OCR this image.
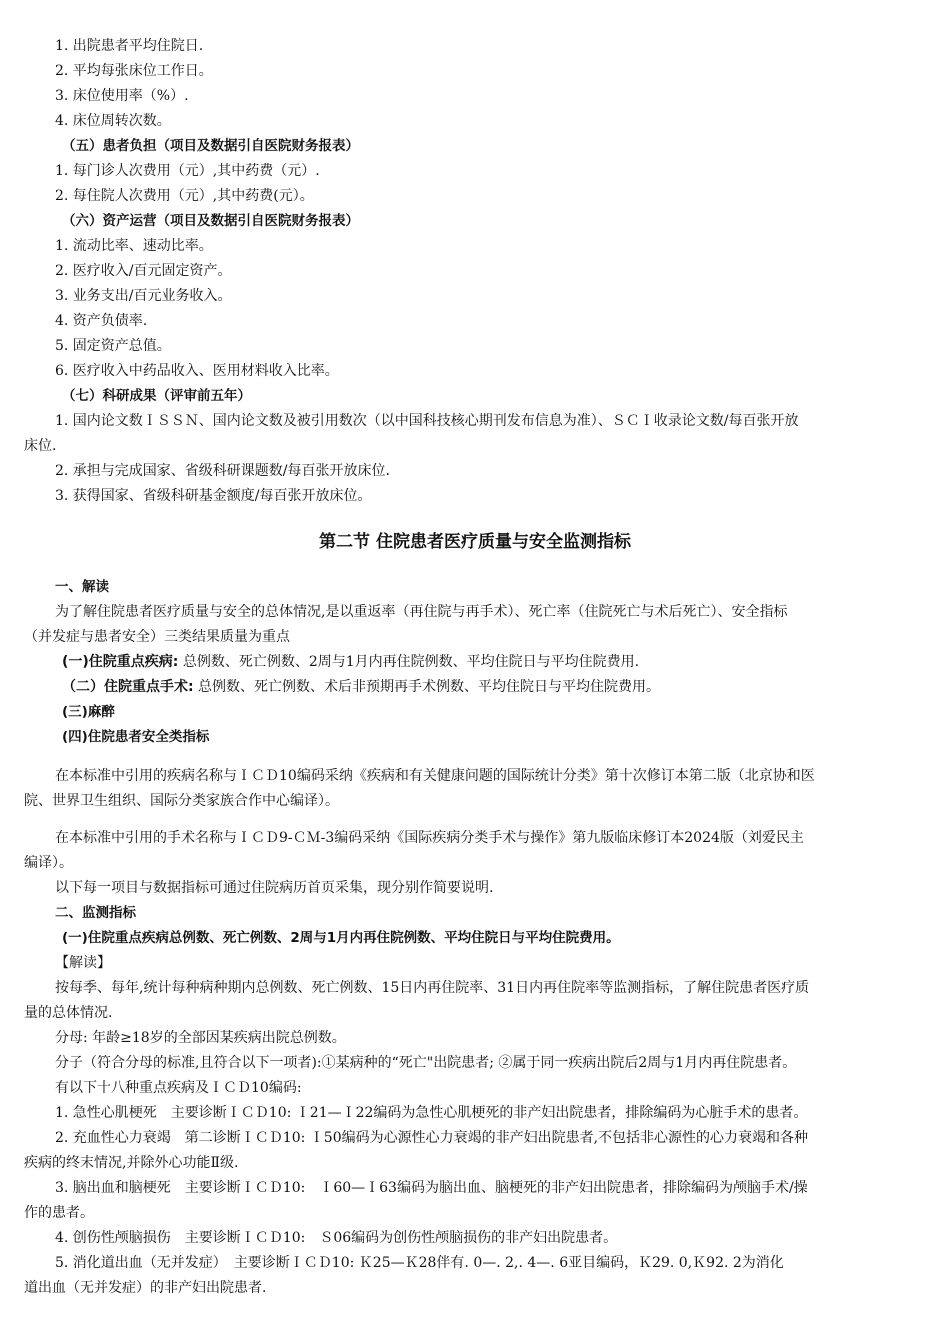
1. 出院患者平均住院日.
2. 平均每张床位工作日。
3. 床位使用率（%）.
4. 床位周转次数。
（五）患者负担（项目及数据引自医院财务报表）
1. 每门诊人次费用（元）,其中药费（元）.
2. 每住院人次费用（元）,其中药费(元）。
（六）资产运营（项目及数据引自医院财务报表）
1. 流动比率、速动比率。
2. 医疗收入/百元固定资产。
3. 业务支出/百元业务收入。
4. 资产负债率.
5. 固定资产总值。
6. 医疗收入中药品收入、医用材料收入比率。
（七）科研成果（评审前五年）
1. 国内论文数ＩＳＳＮ、国内论文数及被引用数次（以中国科技核心期刊发布信息为准）、ＳＣＩ收录论文数/每百张开放
床位.
2. 承担与完成国家、省级科研课题数/每百张开放床位.
3. 获得国家、省级科研基金额度/每百张开放床位。
第二节 住院患者医疗质量与安全监测指标
一、解读
为了解住院患者医疗质量与安全的总体情况,是以重返率（再住院与再手术）、死亡率（住院死亡与术后死亡）、安全指标
（并发症与患者安全）三类结果质量为重点
(一)住院重点疾病: 总例数、死亡例数、2周与1月内再住院例数、平均住院日与平均住院费用.
（二）住院重点手术: 总例数、死亡例数、术后非预期再手术例数、平均住院日与平均住院费用。
(三)麻醉
(四)住院患者安全类指标
在本标准中引用的疾病名称与ＩＣＤ10编码采纳《疾病和有关健康问题的国际统计分类》第十次修订本第二版（北京协和医
院、世界卫生组织、国际分类家族合作中心编译）。
在本标准中引用的手术名称与ＩＣＤ9-ＣＭ-3编码采纳《国际疾病分类手术与操作》第九版临床修订本2024版（刘爱民主
编译）。
以下每一项目与数据指标可通过住院病历首页采集，现分别作简要说明.
二、监测指标
(一)住院重点疾病总例数、死亡例数、2周与1月内再住院例数、平均住院日与平均住院费用。
【解读】
按每季、每年,统计每种病种期内总例数、死亡例数、15日内再住院率、31日内再住院率等监测指标，了解住院患者医疗质
量的总体情况.
分母: 年龄≥18岁的全部因某疾病出院总例数。
分子（符合分母的标准,且符合以下一项者):①某病种的“死亡"出院患者; ②属于同一疾病出院后2周与1月内再住院患者。
有以下十八种重点疾病及ＩＣＤ10编码:
1. 急性心肌梗死　主要诊断ＩＣＤ10: Ｉ21—Ｉ22编码为急性心肌梗死的非产妇出院患者，排除编码为心脏手术的患者。
2. 充血性心力衰竭　第二诊断ＩＣＤ10: Ｉ50编码为心源性心力衰竭的非产妇出院患者,不包括非心源性的心力衰竭和各种
疾病的终末情况,并除外心功能Ⅱ级.
3. 脑出血和脑梗死　主要诊断ＩＣＤ10:　Ｉ60—Ｉ63编码为脑出血、脑梗死的非产妇出院患者，排除编码为颅脑手术/操
作的患者。
4. 创伤性颅脑损伤　主要诊断ＩＣＤ10:　Ｓ06编码为创伤性颅脑损伤的非产妇出院患者。
5. 消化道出血（无并发症）　主要诊断ＩＣＤ10: Ｋ25—Ｋ28伴有. 0—. 2,. 4—. 6亚目编码，Ｋ29. 0,Ｋ92. 2为消化
道出血（无并发症）的非产妇出院患者.
